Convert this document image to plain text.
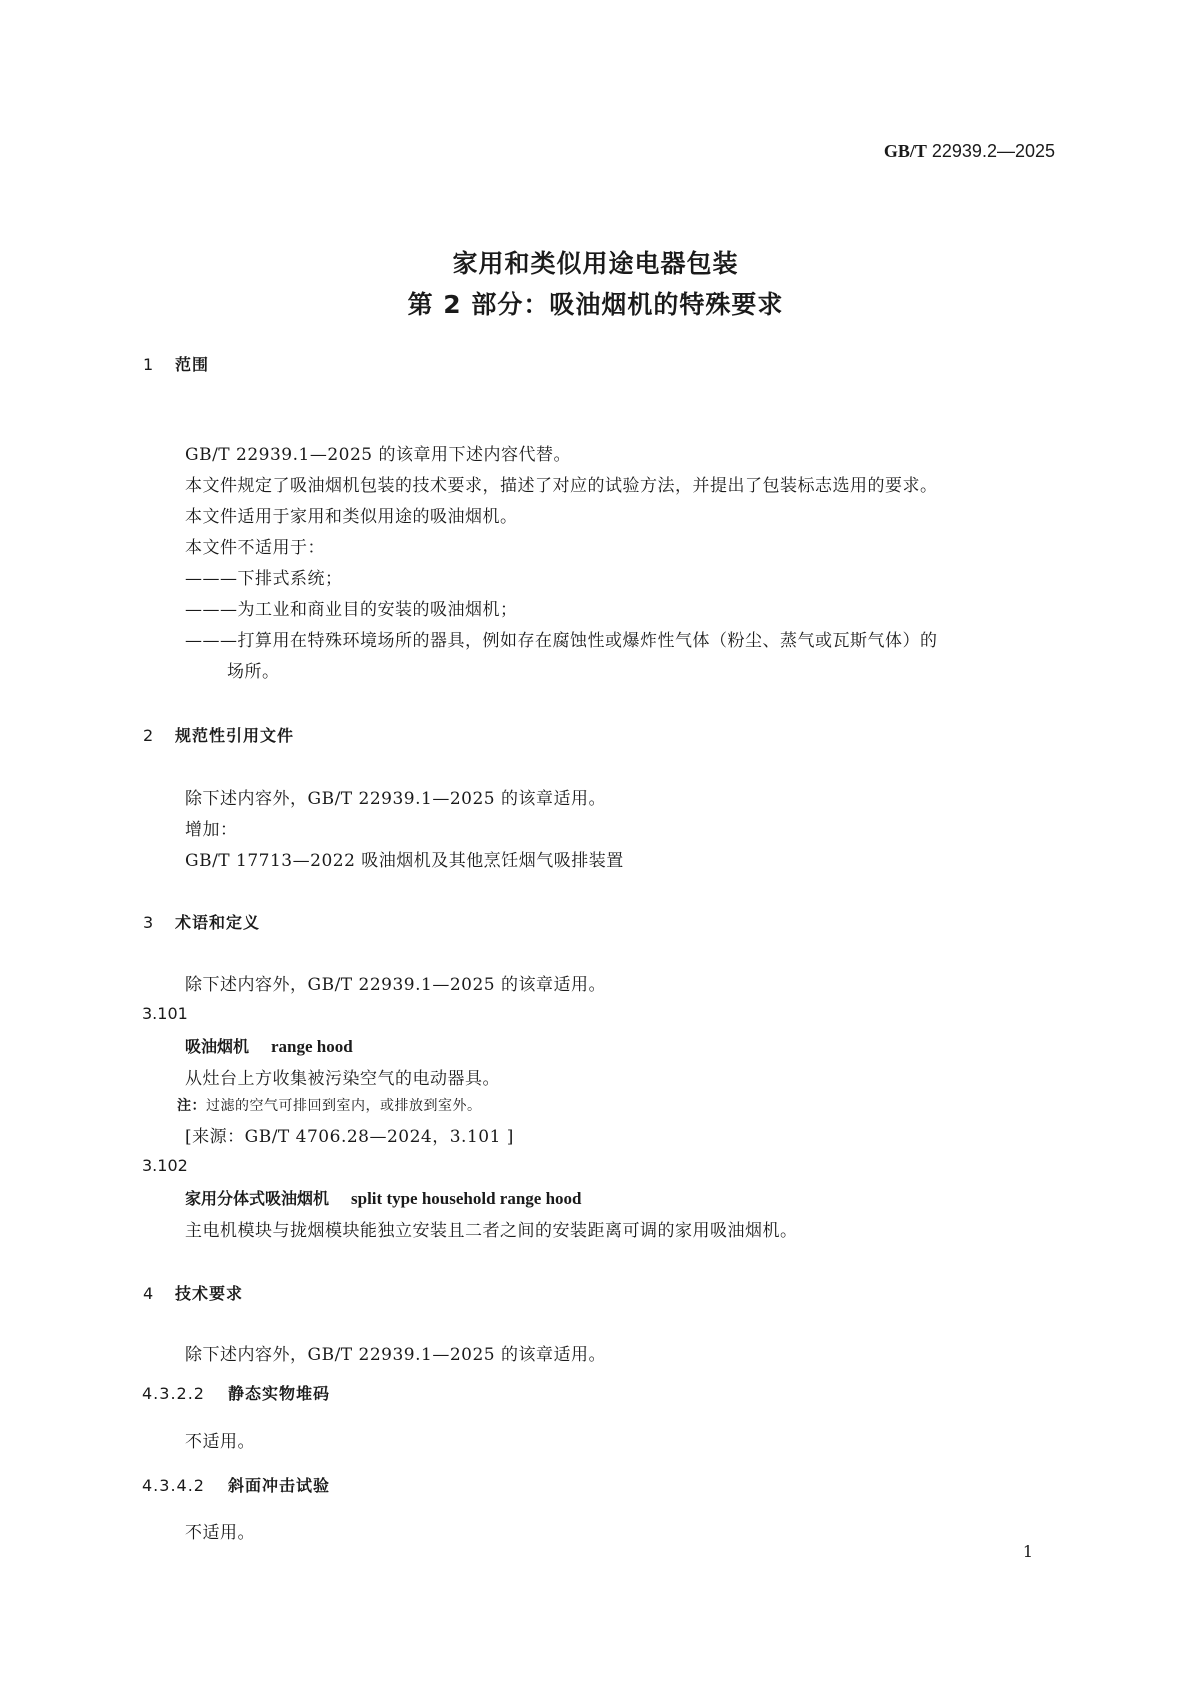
GB/T 22939.2—2025
家用和类似用途电器包装
第 2 部分：吸油烟机的特殊要求
1 范围
GB/T 22939.1—2025 的该章用下述内容代替。
本文件规定了吸油烟机包装的技术要求，描述了对应的试验方法，并提出了包装标志选用的要求。
本文件适用于家用和类似用途的吸油烟机。
本文件不适用于：
———下排式系统；
———为工业和商业目的安装的吸油烟机；
———打算用在特殊环境场所的器具，例如存在腐蚀性或爆炸性气体（粉尘、蒸气或瓦斯气体）的
场所。
2 规范性引用文件
除下述内容外，GB/T 22939.1—2025 的该章适用。
增加：
GB/T 17713—2022 吸油烟机及其他烹饪烟气吸排装置
3 术语和定义
除下述内容外，GB/T 22939.1—2025 的该章适用。
3.101
吸油烟机 range hood
从灶台上方收集被污染空气的电动器具。
注：过滤的空气可排回到室内，或排放到室外。
[来源：GB/T 4706.28—2024，3.101 ]
3.102
家用分体式吸油烟机 split type household range hood
主电机模块与拢烟模块能独立安装且二者之间的安装距离可调的家用吸油烟机。
4 技术要求
除下述内容外，GB/T 22939.1—2025 的该章适用。
4.3.2.2 静态实物堆码
不适用。
4.3.4.2 斜面冲击试验
不适用。
1
